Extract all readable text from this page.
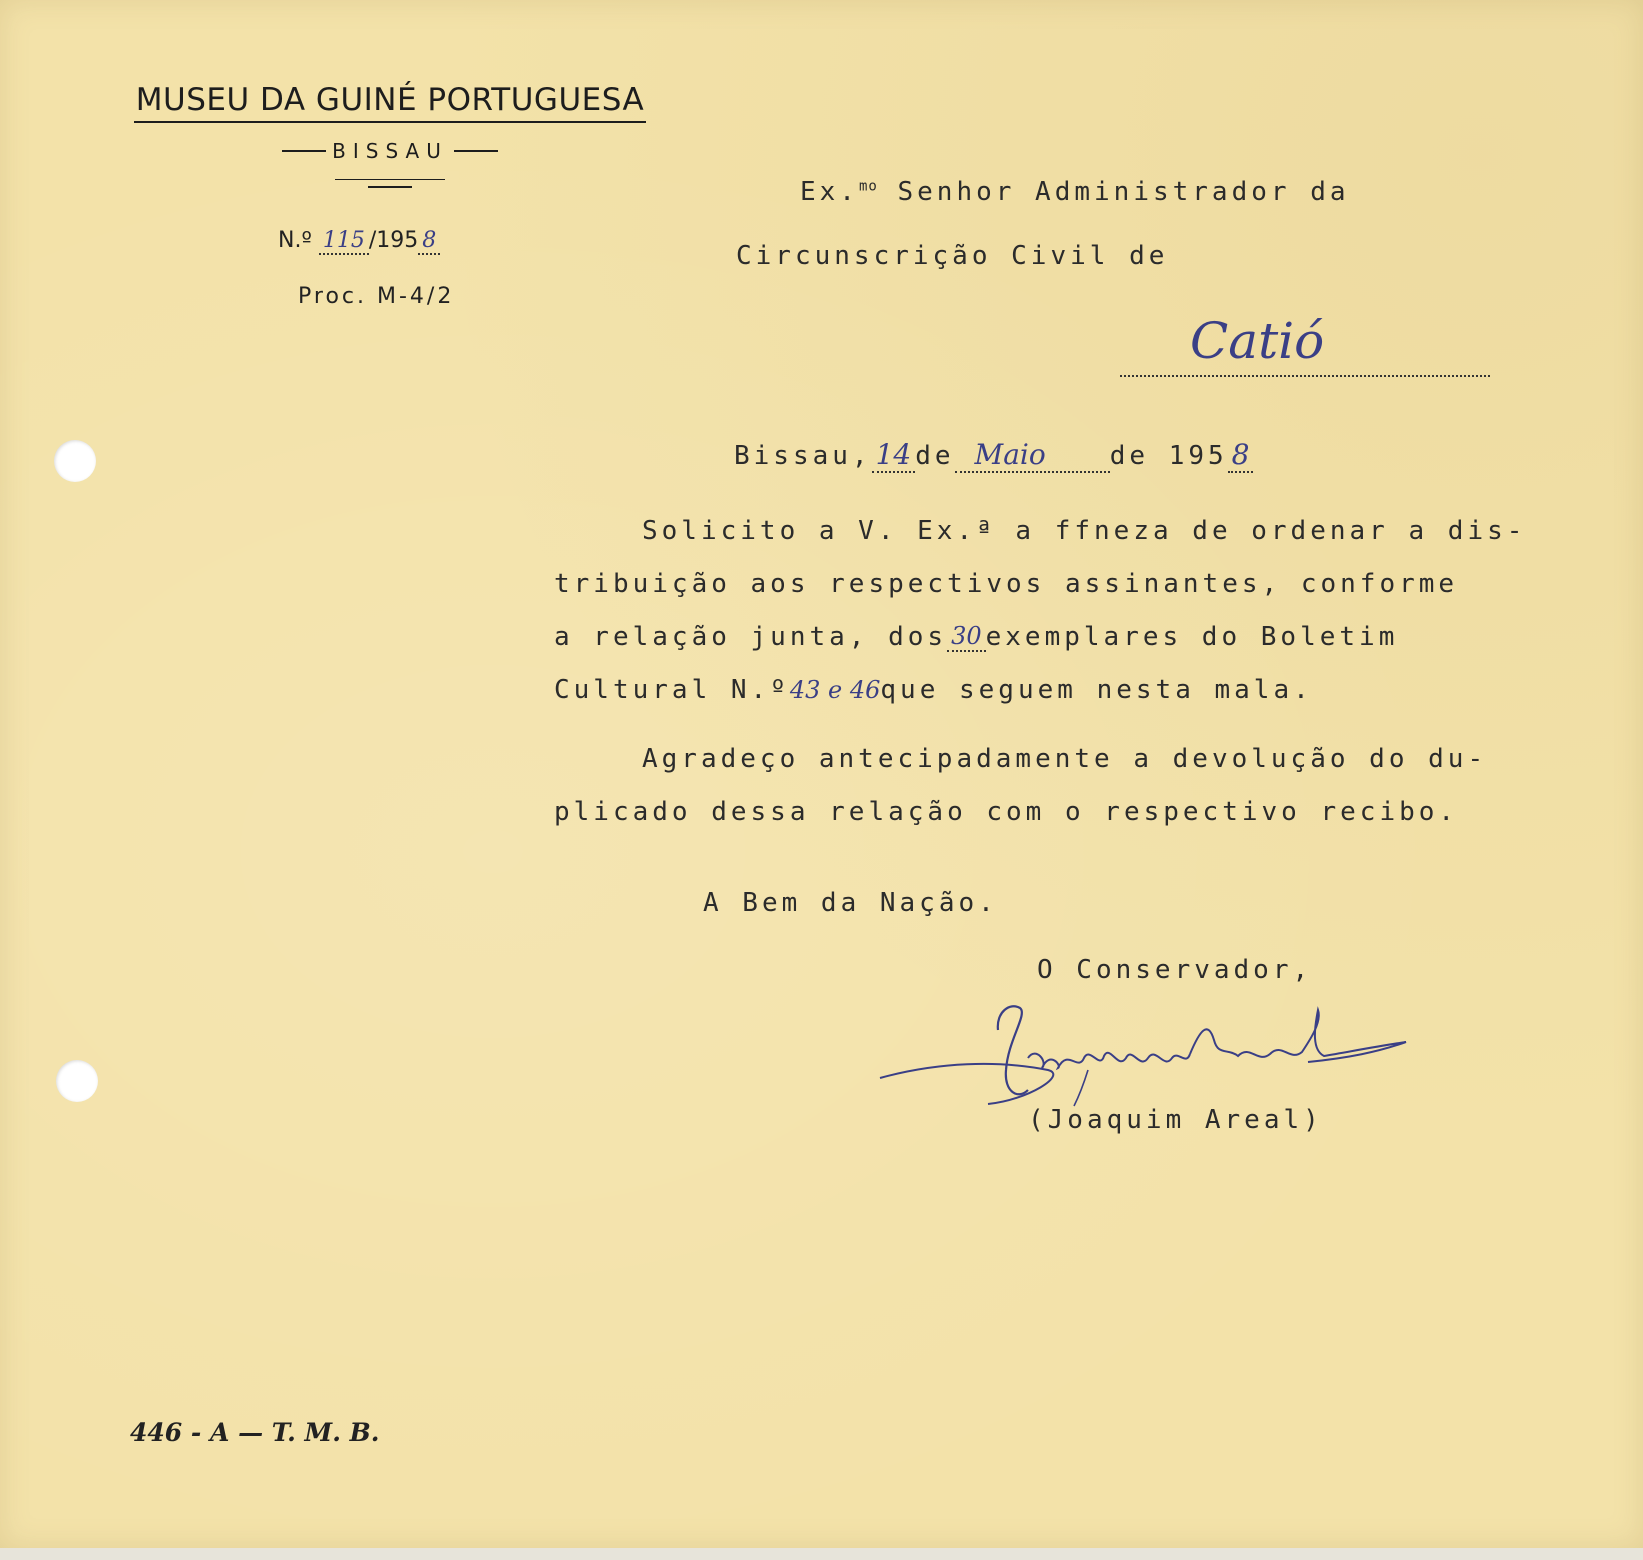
MUSEU DA GUINÉ PORTUGUESA
BISSAU
N.º 115 /195 8
Proc. M-4/2
Ex.$^{mo}$ Senhor Administrador da
Circunscrição Civil de
Catió
Bissau, 14 de Maio de 195 8
Solicito a V. Ex.ª a ffneza de ordenar a dis-
tribuição aos respectivos assinantes, conforme
a relação junta, dos 30 exemplares do Boletim
Cultural N.º 43 e 46 que seguem nesta mala.
Agradeço antecipadamente a devolução do du-
plicado dessa relação com o respectivo recibo.
A Bem da Nação.
O Conservador,
(Joaquim Areal)
446 - A — T. M. B.
